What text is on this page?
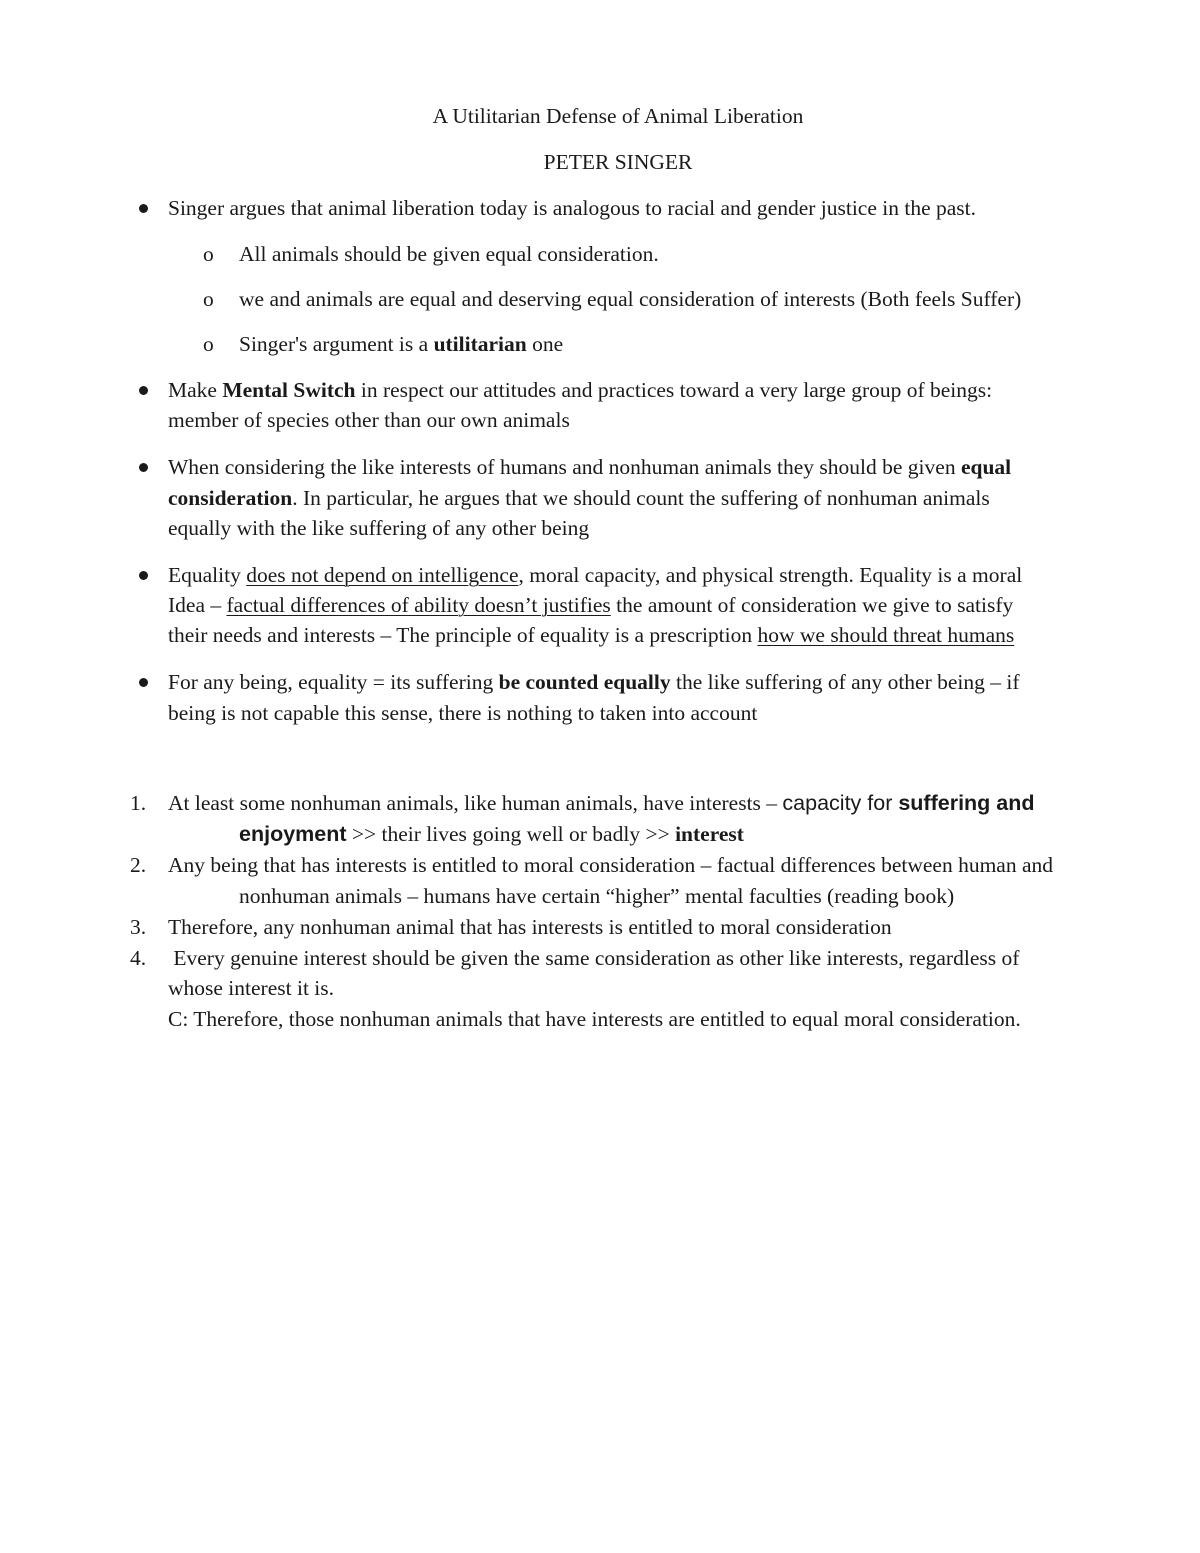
A Utilitarian Defense of Animal Liberation
PETER SINGER
Singer argues that animal liberation today is analogous to racial and gender justice in the past.
o All animals should be given equal consideration.
o we and animals are equal and deserving equal consideration of interests (Both feels Suffer)
o Singer's argument is a utilitarian one
Make Mental Switch in respect our attitudes and practices toward a very large group of beings:
member of species other than our own animals
When considering the like interests of humans and nonhuman animals they should be given equal
consideration. In particular, he argues that we should count the suffering of nonhuman animals
equally with the like suffering of any other being
Equality does not depend on intelligence, moral capacity, and physical strength. Equality is a moral
Idea – factual differences of ability doesn’t justifies the amount of consideration we give to satisfy
their needs and interests – The principle of equality is a prescription how we should threat humans
For any being, equality = its suffering be counted equally the like suffering of any other being – if
being is not capable this sense, there is nothing to taken into account
1. At least some nonhuman animals, like human animals, have interests – capacity for suffering and
enjoyment >> their lives going well or badly >> interest
2. Any being that has interests is entitled to moral consideration – factual differences between human and
nonhuman animals – humans have certain “higher” mental faculties (reading book)
3. Therefore, any nonhuman animal that has interests is entitled to moral consideration
4. Every genuine interest should be given the same consideration as other like interests, regardless of
whose interest it is.
C: Therefore, those nonhuman animals that have interests are entitled to equal moral consideration.
